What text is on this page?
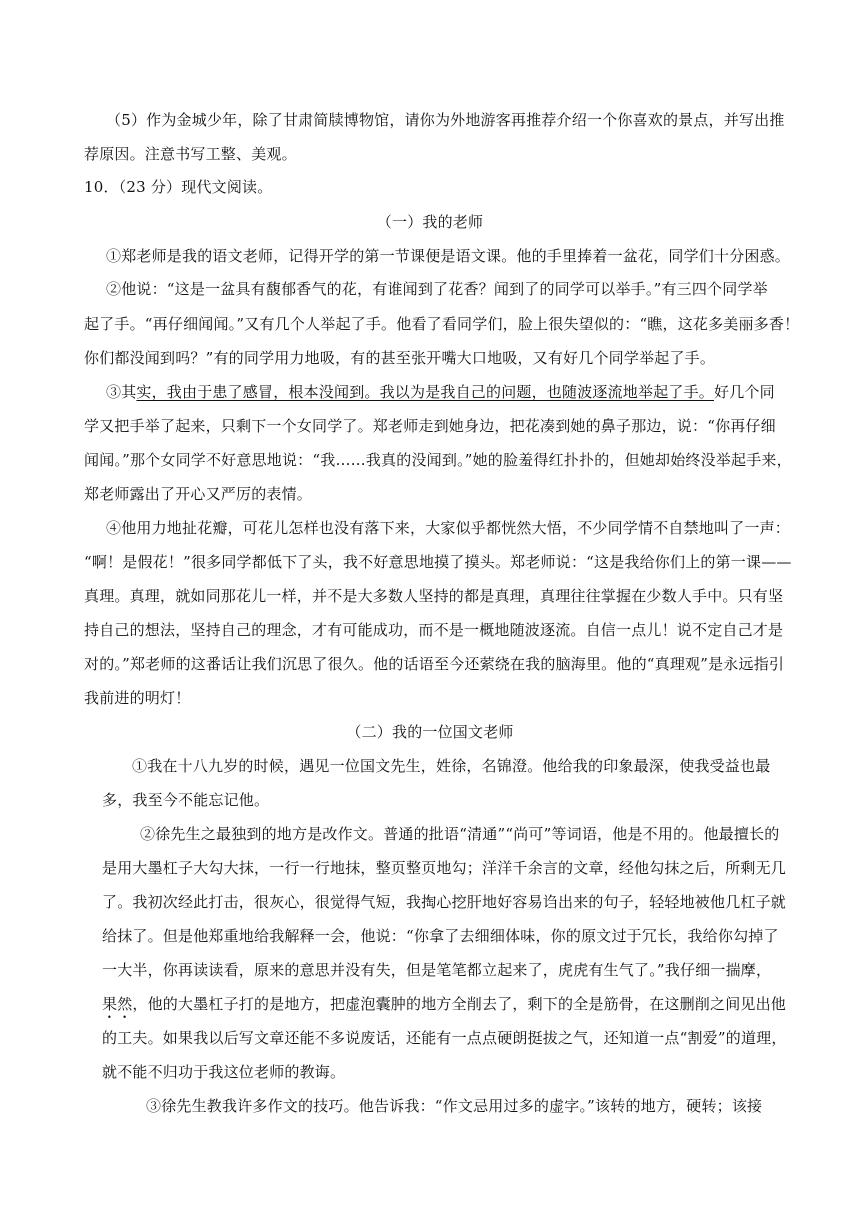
（5）作为金城少年，除了甘肃简牍博物馆，请你为外地游客再推荐介绍一个你喜欢的景点，并写出推
荐原因。注意书写工整、美观。
10．（23 分）现代文阅读。
（一）我的老师
①郑老师是我的语文老师，记得开学的第一节课便是语文课。他的手里捧着一盆花，同学们十分困惑。
②他说：“这是一盆具有馥郁香气的花，有谁闻到了花香？闻到了的同学可以举手。”有三四个同学举
起了手。“再仔细闻闻。”又有几个人举起了手。他看了看同学们，脸上很失望似的：“瞧，这花多美丽多香！
你们都没闻到吗？”有的同学用力地吸，有的甚至张开嘴大口地吸，又有好几个同学举起了手。
③其实，我由于患了感冒，根本没闻到。我以为是我自己的问题，也随波逐流地举起了手。好几个同
学又把手举了起来，只剩下一个女同学了。郑老师走到她身边，把花凑到她的鼻子那边，说：“你再仔细
闻闻。”那个女同学不好意思地说：“我……我真的没闻到。”她的脸羞得红扑扑的，但她却始终没举起手来，
郑老师露出了开心又严厉的表情。
④他用力地扯花瓣，可花儿怎样也没有落下来，大家似乎都恍然大悟，不少同学情不自禁地叫了一声：
“啊！是假花！”很多同学都低下了头，我不好意思地摸了摸头。郑老师说：“这是我给你们上的第一课——
真理。真理，就如同那花儿一样，并不是大多数人坚持的都是真理，真理往往掌握在少数人手中。只有坚
持自己的想法，坚持自己的理念，才有可能成功，而不是一概地随波逐流。自信一点儿！说不定自己才是
对的。”郑老师的这番话让我们沉思了很久。他的话语至今还萦绕在我的脑海里。他的“真理观”是永远指引
我前进的明灯！
（二）我的一位国文老师
①我在十八九岁的时候，遇见一位国文先生，姓徐，名锦澄。他给我的印象最深，使我受益也最
多，我至今不能忘记他。
②徐先生之最独到的地方是改作文。普通的批语“清通”“尚可”等词语，他是不用的。他最擅长的
是用大墨杠子大勾大抹，一行一行地抹，整页整页地勾；洋洋千余言的文章，经他勾抹之后，所剩无几
了。我初次经此打击，很灰心，很觉得气短，我掏心挖肝地好容易诌出来的句子，轻轻地被他几杠子就
给抹了。但是他郑重地给我解释一会，他说：“你拿了去细细体味，你的原文过于冗长，我给你勾掉了
一大半，你再读读看，原来的意思并没有失，但是笔笔都立起来了，虎虎有生气了。”我仔细一揣摩，
果然，他的大墨杠子打的是地方，把虚泡囊肿的地方全削去了，剩下的全是筋骨，在这删削之间见出他
的工夫。如果我以后写文章还能不多说废话，还能有一点点硬朗挺拔之气，还知道一点“割爱”的道理，
就不能不归功于我这位老师的教诲。
③徐先生教我许多作文的技巧。他告诉我：“作文忌用过多的虚字。”该转的地方，硬转；该接
